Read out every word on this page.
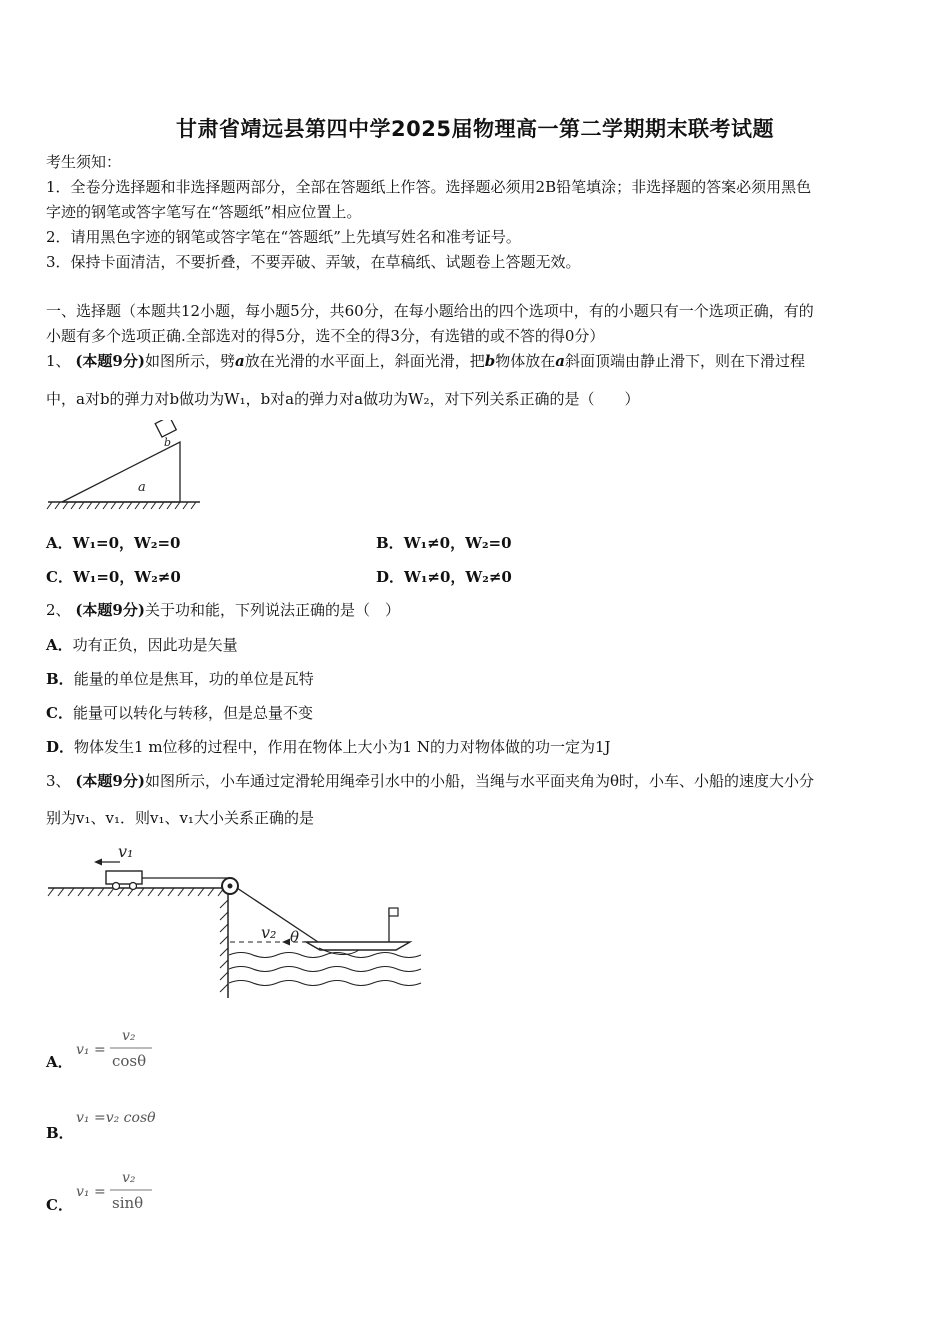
甘肃省靖远县第四中学2025届物理高一第二学期期末联考试题
考生须知：
1．全卷分选择题和非选择题两部分，全部在答题纸上作答。选择题必须用2B铅笔填涂；非选择题的答案必须用黑色
字迹的钢笔或答字笔写在“答题纸”相应位置上。
2．请用黑色字迹的钢笔或答字笔在“答题纸”上先填写姓名和准考证号。
3．保持卡面清洁，不要折叠，不要弄破、弄皱，在草稿纸、试题卷上答题无效。
一、选择题（本题共12小题，每小题5分，共60分，在每小题给出的四个选项中，有的小题只有一个选项正确，有的
小题有多个选项正确.全部选对的得5分，选不全的得3分，有选错的或不答的得0分）
1、 (本题9分)如图所示，劈a放在光滑的水平面上，斜面光滑，把b物体放在a斜面顶端由静止滑下，则在下滑过程
中，a对b的弹力对b做功为W₁，b对a的弹力对a做功为W₂，对下列关系正确的是（　　）
b
a
A．W₁=0，W₂=0	B．W₁≠0，W₂=0
C．W₁=0，W₂≠0	D．W₁≠0，W₂≠0
2、 (本题9分)关于功和能，下列说法正确的是（　）
A．功有正负，因此功是矢量
B．能量的单位是焦耳，功的单位是瓦特
C．能量可以转化与转移，但是总量不变
D．物体发生1 m位移的过程中，作用在物体上大小为1 N的力对物体做的功一定为1J
3、 (本题9分)如图所示，小车通过定滑轮用绳牵引水中的小船，当绳与水平面夹角为θ时，小车、小船的速度大小分
别为v₁、v₁．则v₁、v₁大小关系正确的是
v₁
v₂ θ
A．
v₁ =
v₂
cosθ
B．
v₁ =v₂ cosθ
C．
v₁ =
v₂
sinθ
